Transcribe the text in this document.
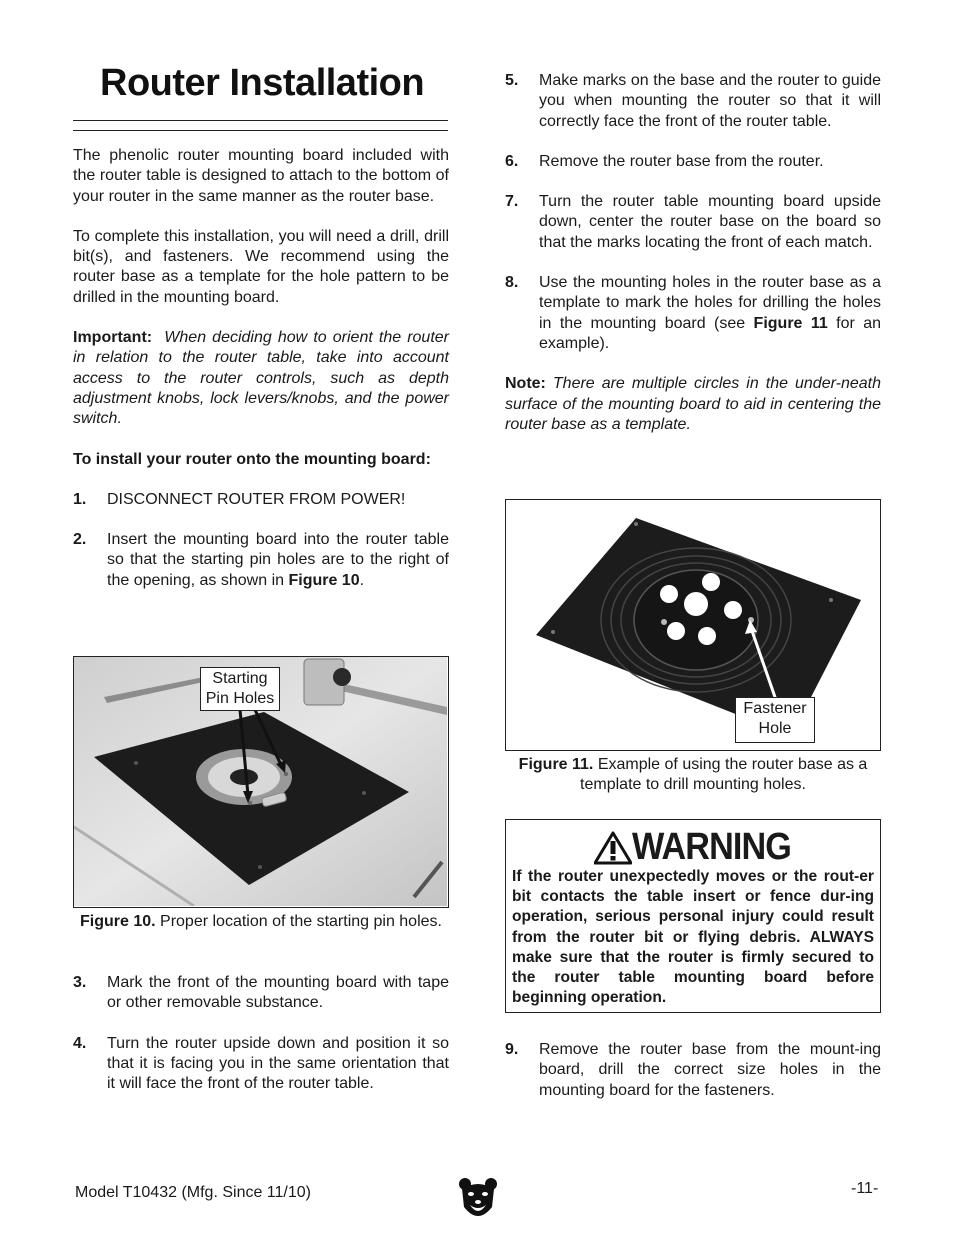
Router Installation

The phenolic router mounting board included with the router table is designed to attach to the bottom of your router in the same manner as the router base.

To complete this installation, you will need a drill, drill bit(s), and fasteners. We recommend using the router base as a template for the hole pattern to be drilled in the mounting board.

Important: When deciding how to orient the router in relation to the router table, take into account access to the router controls, such as depth adjustment knobs, lock levers/knobs, and the power switch.

To install your router onto the mounting board:

1.	DISCONNECT ROUTER FROM POWER!
2.	Insert the mounting board into the router table so that the starting pin holes are to the right of the opening, as shown in Figure 10.
Starting
Pin Holes
Figure 10. Proper location of the starting pin holes.
3.	Mark the front of the mounting board with tape or other removable substance.
4.	Turn the router upside down and position it so that it is facing you in the same orientation that it will face the front of the router table.
5.	Make marks on the base and the router to guide you when mounting the router so that it will correctly face the front of the router table.
6.	Remove the router base from the router.
7.	Turn the router table mounting board upside down, center the router base on the board so that the marks locating the front of each match.
8.	Use the mounting holes in the router base as a template to mark the holes for drilling the holes in the mounting board (see Figure 11 for an example).

Note: There are multiple circles in the under-neath surface of the mounting board to aid in centering the router base as a template.

Fastener
Hole
Figure 11. Example of using the router base as a template to drill mounting holes.
WARNING
If the router unexpectedly moves or the rout-er bit contacts the table insert or fence dur-ing operation, serious personal injury could result from the router bit or flying debris. ALWAYS make sure that the router is firmly secured to the router table mounting board before beginning operation.
9.	Remove the router base from the mount-ing board, drill the correct size holes in the mounting board for the fasteners.
Model T10432 (Mfg. Since 11/10)	-11-
